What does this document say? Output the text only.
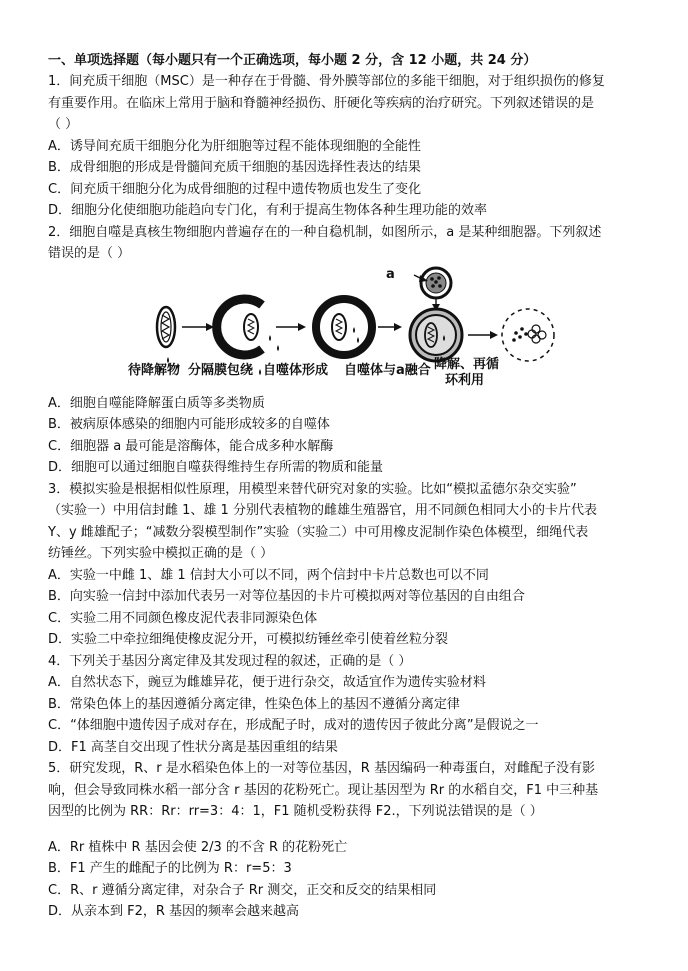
一、单项选择题（每小题只有一个正确选项，每小题 2 分，含 12 小题，共 24 分）
1．间充质干细胞（MSC）是一种存在于骨髓、骨外膜等部位的多能干细胞，对于组织损伤的修复
有重要作用。在临床上常用于脑和脊髓神经损伤、肝硬化等疾病的治疗研究。下列叙述错误的是
（ ）
A．诱导间充质干细胞分化为肝细胞等过程不能体现细胞的全能性
B．成骨细胞的形成是骨髓间充质干细胞的基因选择性表达的结果
C．间充质干细胞分化为成骨细胞的过程中遗传物质也发生了变化
D．细胞分化使细胞功能趋向专门化，有利于提高生物体各种生理功能的效率
2．细胞自噬是真核生物细胞内普遍存在的一种自稳机制，如图所示，a 是某种细胞器。下列叙述
错误的是（ ）
a
待降解物 分隔膜包绕 自噬体形成 自噬体与a融合 降解、再循
环利用
A．细胞自噬能降解蛋白质等多类物质
B．被病原体感染的细胞内可能形成较多的自噬体
C．细胞器 a 最可能是溶酶体，能合成多种水解酶
D．细胞可以通过细胞自噬获得维持生存所需的物质和能量
3．模拟实验是根据相似性原理，用模型来替代研究对象的实验。比如“模拟孟德尔杂交实验”
（实验一）中用信封雌 1、雄 1 分别代表植物的雌雄生殖器官，用不同颜色相同大小的卡片代表
Y、y 雌雄配子；“减数分裂模型制作”实验（实验二）中可用橡皮泥制作染色体模型，细绳代表
纺锤丝。下列实验中模拟正确的是（ ）
A．实验一中雌 1、雄 1 信封大小可以不同，两个信封中卡片总数也可以不同
B．向实验一信封中添加代表另一对等位基因的卡片可模拟两对等位基因的自由组合
C．实验二用不同颜色橡皮泥代表非同源染色体
D．实验二中牵拉细绳使橡皮泥分开，可模拟纺锤丝牵引使着丝粒分裂
4．下列关于基因分离定律及其发现过程的叙述，正确的是（ ）
A．自然状态下，豌豆为雌雄异花，便于进行杂交，故适宜作为遗传实验材料
B．常染色体上的基因遵循分离定律，性染色体上的基因不遵循分离定律
C．“体细胞中遗传因子成对存在，形成配子时，成对的遗传因子彼此分离”是假说之一
D．F1 高茎自交出现了性状分离是基因重组的结果
5．研究发现，R、r 是水稻染色体上的一对等位基因，R 基因编码一种毒蛋白，对雌配子没有影
响，但会导致同株水稻一部分含 r 基因的花粉死亡。现让基因型为 Rr 的水稻自交，F1 中三种基
因型的比例为 RR：Rr：rr=3：4：1，F1 随机受粉获得 F2.，下列说法错误的是（ ）
A．Rr 植株中 R 基因会使 2/3 的不含 R 的花粉死亡
B．F1 产生的雌配子的比例为 R：r=5：3
C．R、r 遵循分离定律，对杂合子 Rr 测交，正交和反交的结果相同
D．从亲本到 F2，R 基因的频率会越来越高
